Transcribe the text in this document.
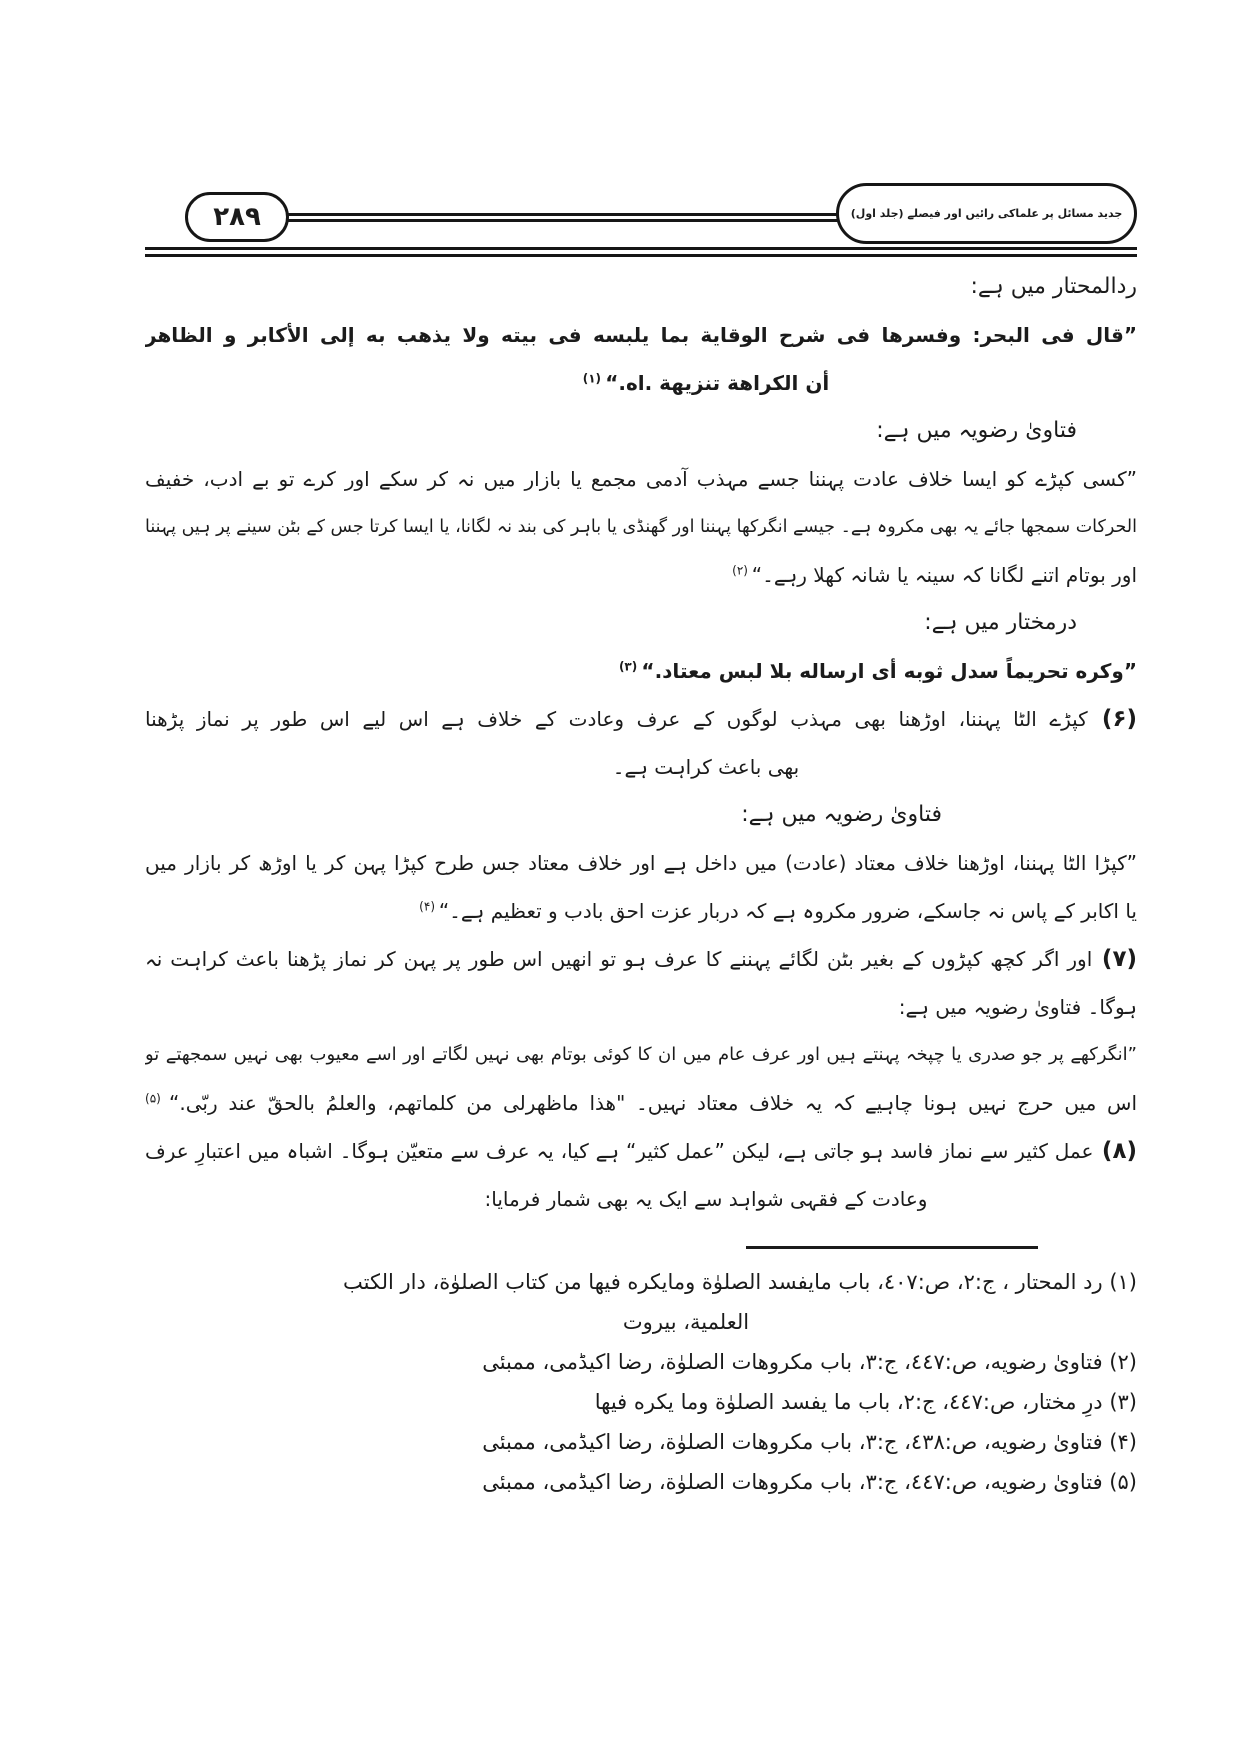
۲۸۹	جدید مسائل پر علماکی رائیں اور فیصلے (جلد اول)
ردالمحتار میں ہے:
”قال فى البحر: وفسرها فى شرح الوقاية بما يلبسه فى بيته ولا يذهب به إلى الأكابر و الظاهر
أن الكراهة تنزيهة .اه.“ $^{(۱)}$
فتاویٰ رضویہ میں ہے:
”کسی کپڑے کو ایسا خلاف عادت پہننا جسے مہذب آدمی مجمع یا بازار میں نہ کر سکے اور کرے تو بے ادب، خفیف
الحرکات سمجھا جائے یہ بھی مکروہ ہے۔ جیسے انگرکھا پہننا اور گھنڈی یا باہر کی بند نہ لگانا، یا ایسا کرتا جس کے بٹن سینے پر ہیں پہننا
اور بوتام اتنے لگانا کہ سینہ یا شانہ کھلا رہے۔“ $^{(۲)}$
درمختار میں ہے:
”وكره تحريماً سدل ثوبه أى ارساله بلا لبس معتاد.“ $^{(۳)}$
(۶) کپڑے الٹا پہننا، اوڑھنا بھی مہذب لوگوں کے عرف وعادت کے خلاف ہے اس لیے اس طور پر نماز پڑھنا
بھی باعث کراہت ہے۔
فتاویٰ رضویہ میں ہے:
”کپڑا الٹا پہننا، اوڑھنا خلاف معتاد (عادت) میں داخل ہے اور خلاف معتاد جس طرح کپڑا پہن کر یا اوڑھ کر بازار میں
یا اکابر کے پاس نہ جاسکے، ضرور مکروہ ہے کہ دربار عزت احق بادب و تعظیم ہے۔“ $^{(۴)}$
(۷) اور اگر کچھ کپڑوں کے بغیر بٹن لگائے پہننے کا عرف ہو تو انھیں اس طور پر پہن کر نماز پڑھنا باعث کراہت نہ
ہوگا۔ فتاویٰ رضویہ میں ہے:
”انگرکھے پر جو صدری یا چپخہ پہنتے ہیں اور عرف عام میں ان کا کوئی بوتام بھی نہیں لگاتے اور اسے معیوب بھی نہیں سمجھتے تو
اس میں حرج نہیں ہونا چاہیے کہ یہ خلاف معتاد نہیں۔ "هذا ماظهرلى من كلماتهم، والعلمُ بالحقّ عند ربّى.“ $^{(۵)}$
(۸) عمل کثیر سے نماز فاسد ہو جاتی ہے، لیکن ”عمل کثیر“ ہے کیا، یہ عرف سے متعیّن ہوگا۔ اشباہ میں اعتبارِ عرف
وعادت کے فقہی شواہد سے ایک یہ بھی شمار فرمایا:
(۱) رد المحتار ، ج:٢، ص:٤٠٧، باب مايفسد الصلوٰة ومايكره فيها من كتاب الصلوٰة، دار الكتب
العلمية، بيروت
(۲) فتاویٰ رضویه، ص:٤٤٧، ج:٣، باب مکروهات الصلوٰة، رضا اکیڈمی، ممبئی
(۳) درِ مختار، ص:٤٤٧، ج:٢، باب ما یفسد الصلوٰة وما یکره فیها
(۴) فتاویٰ رضویه، ص:٤٣٨، ج:٣، باب مکروهات الصلوٰة، رضا اکیڈمی، ممبئی
(۵) فتاویٰ رضویه، ص:٤٤٧، ج:٣، باب مکروهات الصلوٰة، رضا اکیڈمی، ممبئی
